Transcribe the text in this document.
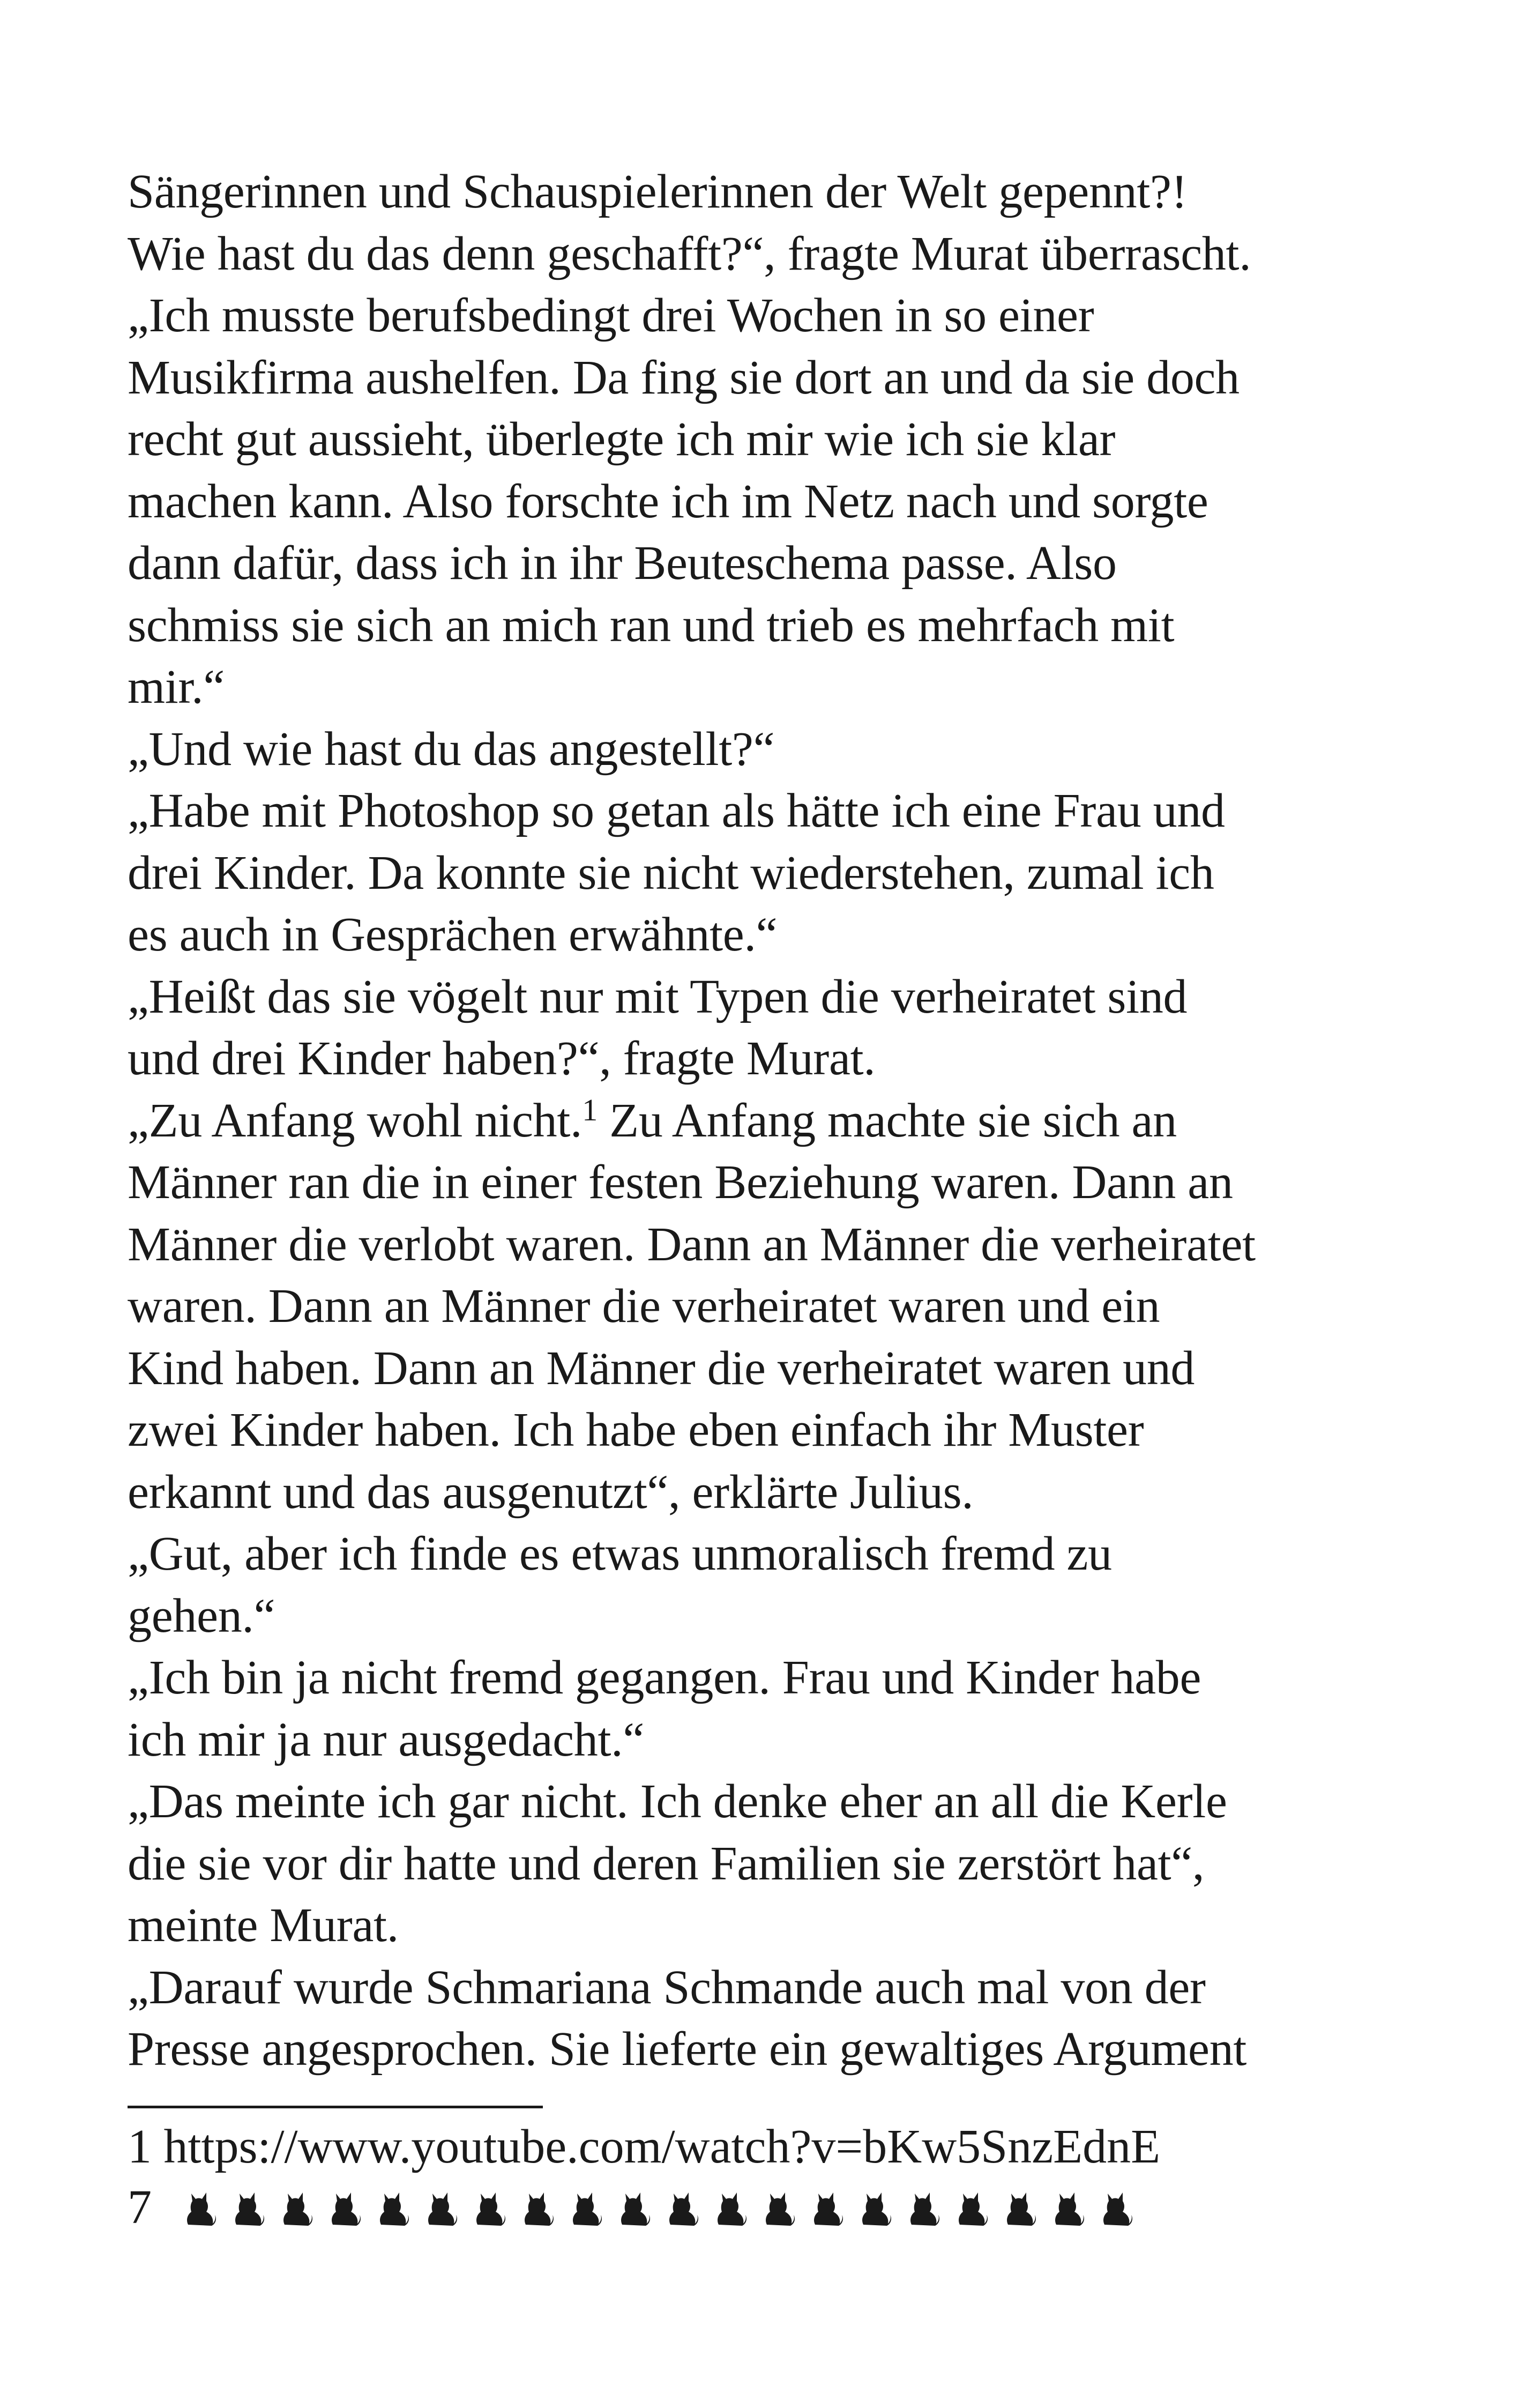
Sängerinnen und Schauspielerinnen der Welt gepennt?!
Wie hast du das denn geschafft?“, fragte Murat überrascht.
„Ich musste berufsbedingt drei Wochen in so einer
Musikfirma aushelfen. Da fing sie dort an und da sie doch
recht gut aussieht, überlegte ich mir wie ich sie klar
machen kann. Also forschte ich im Netz nach und sorgte
dann dafür, dass ich in ihr Beuteschema passe. Also
schmiss sie sich an mich ran und trieb es mehrfach mit
mir.“
„Und wie hast du das angestellt?“
„Habe mit Photoshop so getan als hätte ich eine Frau und
drei Kinder. Da konnte sie nicht wiederstehen, zumal ich
es auch in Gesprächen erwähnte.“
„Heißt das sie vögelt nur mit Typen die verheiratet sind
und drei Kinder haben?“, fragte Murat.
„Zu Anfang wohl nicht.$^1$ Zu Anfang machte sie sich an
Männer ran die in einer festen Beziehung waren. Dann an
Männer die verlobt waren. Dann an Männer die verheiratet
waren. Dann an Männer die verheiratet waren und ein
Kind haben. Dann an Männer die verheiratet waren und
zwei Kinder haben. Ich habe eben einfach ihr Muster
erkannt und das ausgenutzt“, erklärte Julius.
„Gut, aber ich finde es etwas unmoralisch fremd zu
gehen.“
„Ich bin ja nicht fremd gegangen. Frau und Kinder habe
ich mir ja nur ausgedacht.“
„Das meinte ich gar nicht. Ich denke eher an all die Kerle
die sie vor dir hatte und deren Familien sie zerstört hat“,
meinte Murat.
„Darauf wurde Schmariana Schmande auch mal von der
Presse angesprochen. Sie lieferte ein gewaltiges Argument
1 https://www.youtube.com/watch?v=bKw5SnzEdnE
7
